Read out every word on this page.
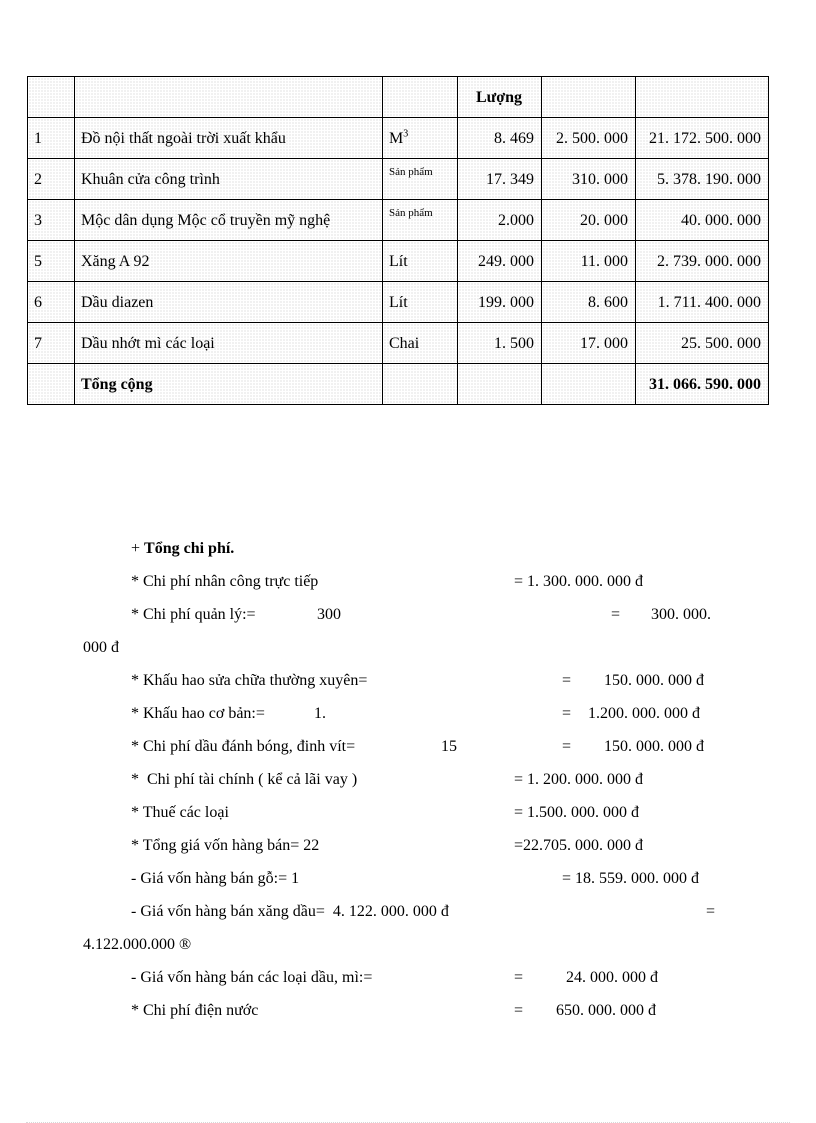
			Lượng		
1	Đồ nội thất ngoài trời xuất khẩu	$M^3$	8. 469	2. 500. 000	21. 172. 500. 000
2	Khuân cửa công trình	Sản phẩm	17. 349	310. 000	5. 378. 190. 000
3	Mộc dân dụng Mộc cổ truyền mỹ nghệ	Sản phẩm	2.000	20. 000	40. 000. 000
5	Xăng A 92	Lít	249. 000	11. 000	2. 739. 000. 000
6	Dầu diazen	Lít	199. 000	8. 600	1. 711. 400. 000
7	Dầu nhớt mì các loại	Chai	1. 500	17. 000	25. 500. 000
	Tổng cộng				31. 066. 590. 000
+ Tổng chi phí.
* Chi phí nhân công trực tiếp	= 1. 300. 000. 000 đ
* Chi phí quản lý:=	300	= 300. 000.
000 đ
* Khấu hao sửa chữa thường xuyên=	= 150. 000. 000 đ
* Khấu hao cơ bản:=	1.	= 1.200. 000. 000 đ
* Chi phí dầu đánh bóng, đinh vít=	15	= 150. 000. 000 đ
*  Chi phí tài chính ( kể cả lãi vay )	= 1. 200. 000. 000 đ
* Thuế các loại	= 1.500. 000. 000 đ
* Tổng giá vốn hàng bán= 22	=22.705. 000. 000 đ
- Giá vốn hàng bán gỗ:= 1	= 18. 559. 000. 000 đ
- Giá vốn hàng bán xăng dầu=  4. 122. 000. 000 đ	=
4.122.000.000 ®
- Giá vốn hàng bán các loại dầu, mì:=	=	24. 000. 000 đ
* Chi phí điện nước	= 650. 000. 000 đ
